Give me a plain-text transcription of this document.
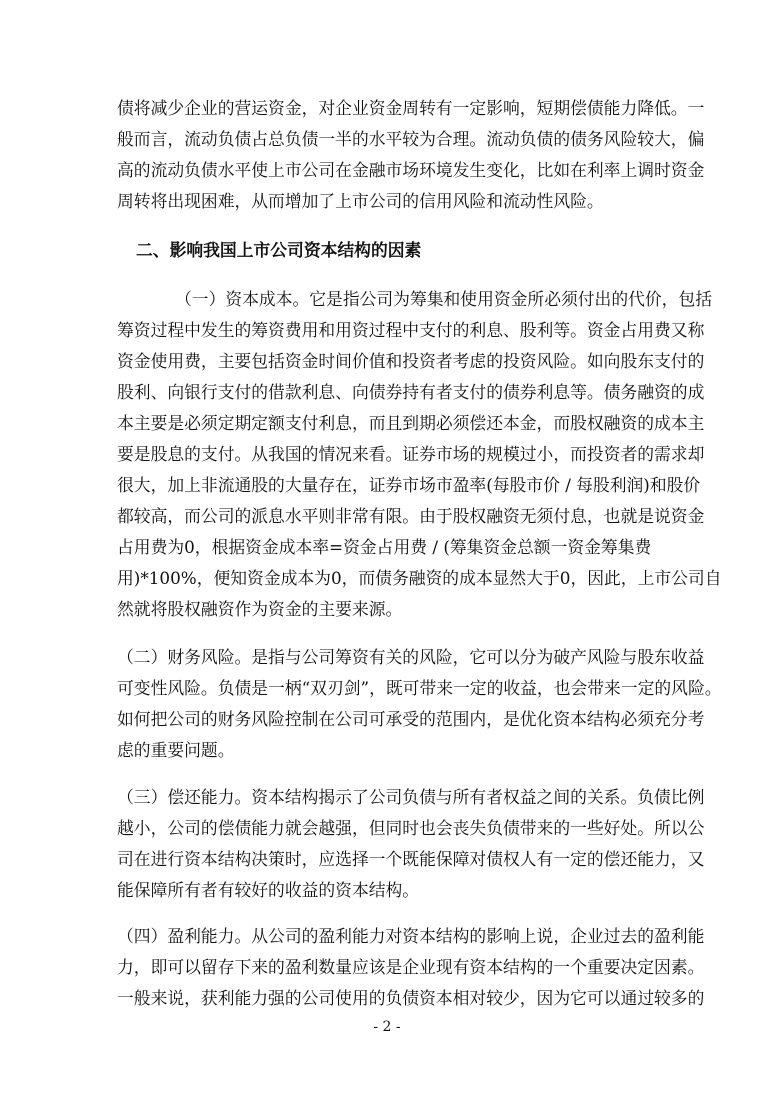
债将减少企业的营运资金，对企业资金周转有一定影响，短期偿债能力降低。一
般而言，流动负债占总负债一半的水平较为合理。流动负债的债务风险较大，偏
高的流动负债水平使上市公司在金融市场环境发生变化，比如在利率上调时资金
周转将出现困难，从而增加了上市公司的信用风险和流动性风险。
二、影响我国上市公司资本结构的因素
（一）资本成本。它是指公司为筹集和使用资金所必须付出的代价，包括
筹资过程中发生的筹资费用和用资过程中支付的利息、股利等。资金占用费又称
资金使用费，主要包括资金时间价值和投资者考虑的投资风险。如向股东支付的
股利、向银行支付的借款利息、向债券持有者支付的债券利息等。债务融资的成
本主要是必须定期定额支付利息，而且到期必须偿还本金，而股权融资的成本主
要是股息的支付。从我国的情况来看。证券市场的规模过小，而投资者的需求却
很大，加上非流通股的大量存在，证券市场市盈率(每股市价 / 每股利润)和股价
都较高，而公司的派息水平则非常有限。由于股权融资无须付息，也就是说资金
占用费为0，根据资金成本率=资金占用费 / (筹集资金总额一资金筹集费
用)*100%，便知资金成本为0，而债务融资的成本显然大于0，因此，上市公司自
然就将股权融资作为资金的主要来源。
（二）财务风险。是指与公司筹资有关的风险，它可以分为破产风险与股东收益
可变性风险。负债是一柄“双刃剑”，既可带来一定的收益，也会带来一定的风险。
如何把公司的财务风险控制在公司可承受的范围内，是优化资本结构必须充分考
虑的重要问题。
（三）偿还能力。资本结构揭示了公司负债与所有者权益之间的关系。负债比例
越小，公司的偿债能力就会越强，但同时也会丧失负债带来的一些好处。所以公
司在进行资本结构决策时，应选择一个既能保障对债权人有一定的偿还能力，又
能保障所有者有较好的收益的资本结构。
（四）盈利能力。从公司的盈利能力对资本结构的影响上说，企业过去的盈利能
力，即可以留存下来的盈利数量应该是企业现有资本结构的一个重要决定因素。
一般来说，获利能力强的公司使用的负债资本相对较少，因为它可以通过较多的
- 2 -
